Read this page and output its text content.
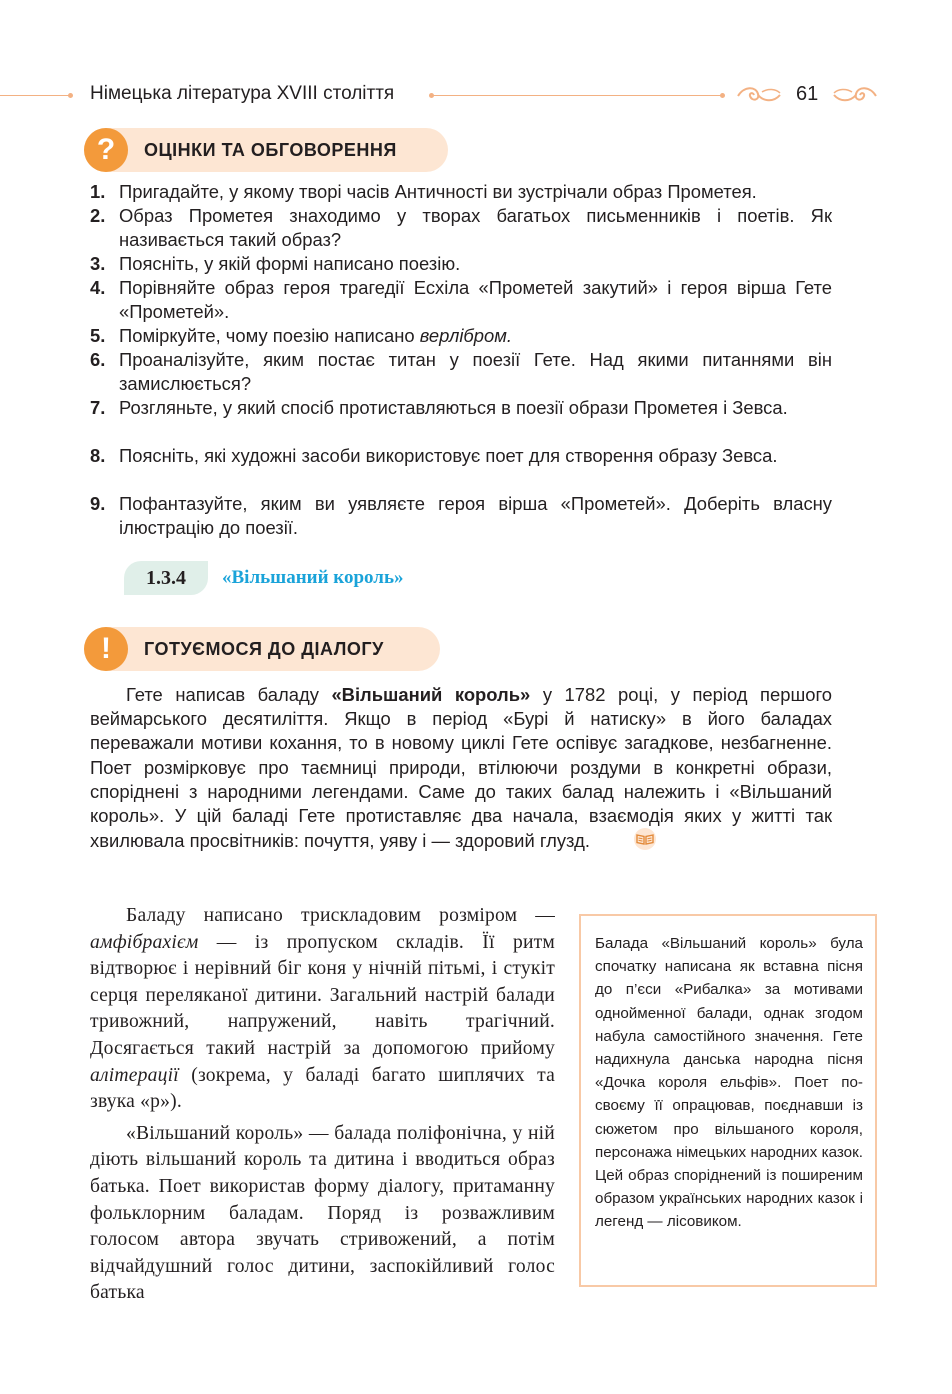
Німецька література XVIII століття	61
?	ОЦІНКИ ТА ОБГОВОРЕННЯ
1. Пригадайте, у якому творі часів Античності ви зустрічали образ Прометея.
2. Образ Прометея знаходимо у творах багатьох письменників і поетів. Як називається такий образ?
3. Поясніть, у якій формі написано поезію.
4. Порівняйте образ героя трагедії Есхіла «Прометей закутий» і героя вірша Гете «Прометей».
5. Поміркуйте, чому поезію написано верлібром.
6. Проаналізуйте, яким постає титан у поезії Гете. Над якими питаннями він замислюється?
7. Розгляньте, у який спосіб протиставляються в поезії образи Прометея і Зевса.
8. Поясніть, які художні засоби використовує поет для створення образу Зевса.
9. Пофантазуйте, яким ви уявляєте героя вірша «Прометей». Доберіть власну ілюстрацію до поезії.
1.3.4	«Вільшаний король»
!	ГОТУЄМОСЯ ДО ДІАЛОГУ

Гете написав баладу «Вільшаний король» у 1782 році, у період першого веймарського десятиліття. Якщо в період «Бурі й натиску» в його баладах переважали мотиви кохання, то в новому циклі Гете оспівує загадкове, незбагненне. Поет розмірковує про таємниці природи, втілюючи роздуми в конкретні образи, споріднені з народними легендами. Саме до таких балад належить і «Вільшаний король». У цій баладі Гете протиставляє два начала, взаємодія яких у житті так хвилювала просвітників: почуття, уяву і — здоровий глузд.

Баладу написано трискладовим розміром — амфібрахієм — із пропуском складів. Її ритм відтворює і нерівний біг коня у нічній пітьмі, і стукіт серця переляканої дитини. Загальний настрій балади тривожний, напружений, навіть трагічний. Досягається такий настрій за допомогою прийому алітерації (зокрема, у баладі багато шиплячих та звука «р»).

«Вільшаний король» — балада поліфонічна, у ній діють вільшаний король та дитина і вводиться образ батька. Поет використав форму діалогу, притаманну фольклорним баладам. Поряд із розважливим голосом автора звучать стривожений, а потім відчайдушний голос дитини, заспокійливий голос батька

Балада «Вільшаний король» була спочатку написана як вставна пісня до п’єси «Рибалка» за мотивами однойменної балади, однак згодом набула самостійного значення. Гете надихнула данська народна пісня «Дочка короля ельфів». Поет по-своєму її опрацював, поєднавши із сюжетом про вільшаного короля, персонажа німецьких народних казок. Цей образ споріднений із поширеним образом українських народних казок і легенд — лісовиком.
